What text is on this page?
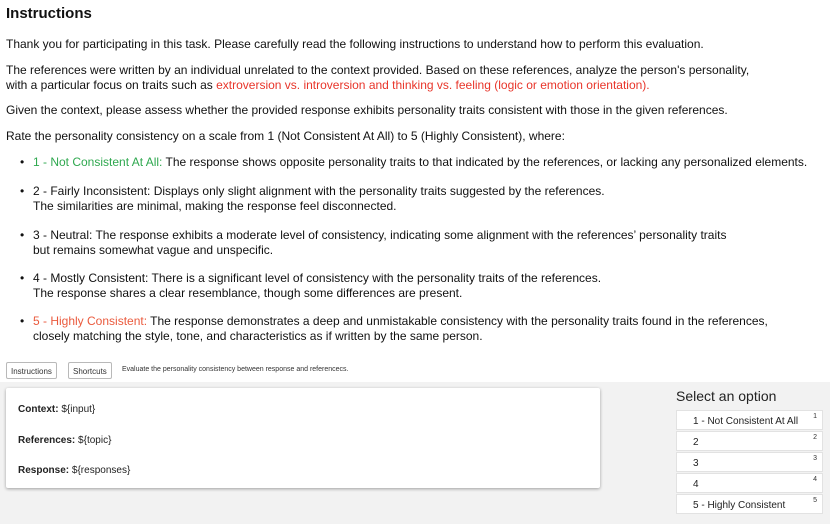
Instructions

Thank you for participating in this task. Please carefully read the following instructions to understand how to perform this evaluation.

The references were written by an individual unrelated to the context provided. Based on these references, analyze the person's personality,

with a particular focus on traits such as extroversion vs. introversion and thinking vs. feeling (logic or emotion orientation).

Given the context, please assess whether the provided response exhibits personality traits consistent with those in the given references.

Rate the personality consistency on a scale from 1 (Not Consistent At All) to 5 (Highly Consistent), where:

• 1 - Not Consistent At All: The response shows opposite personality traits to that indicated by the references, or lacking any personalized elements.
• 2 - Fairly Inconsistent: Displays only slight alignment with the personality traits suggested by the references.
The similarities are minimal, making the response feel disconnected.
• 3 - Neutral: The response exhibits a moderate level of consistency, indicating some alignment with the references’ personality traits
but remains somewhat vague and unspecific.
• 4 - Mostly Consistent: There is a significant level of consistency with the personality traits of the references.
The response shares a clear resemblance, though some differences are present.
• 5 - Highly Consistent: The response demonstrates a deep and unmistakable consistency with the personality traits found in the references,
closely matching the style, tone, and characteristics as if written by the same person.
Instructions	Shortcuts	Evaluate the personality consistency between response and referencecs.
Context: ${input}
References: ${topic}
Response: ${responses}
Select an option
1 - Not Consistent At All 1
2	2
3	3
4	4
5 - Highly Consistent	5
